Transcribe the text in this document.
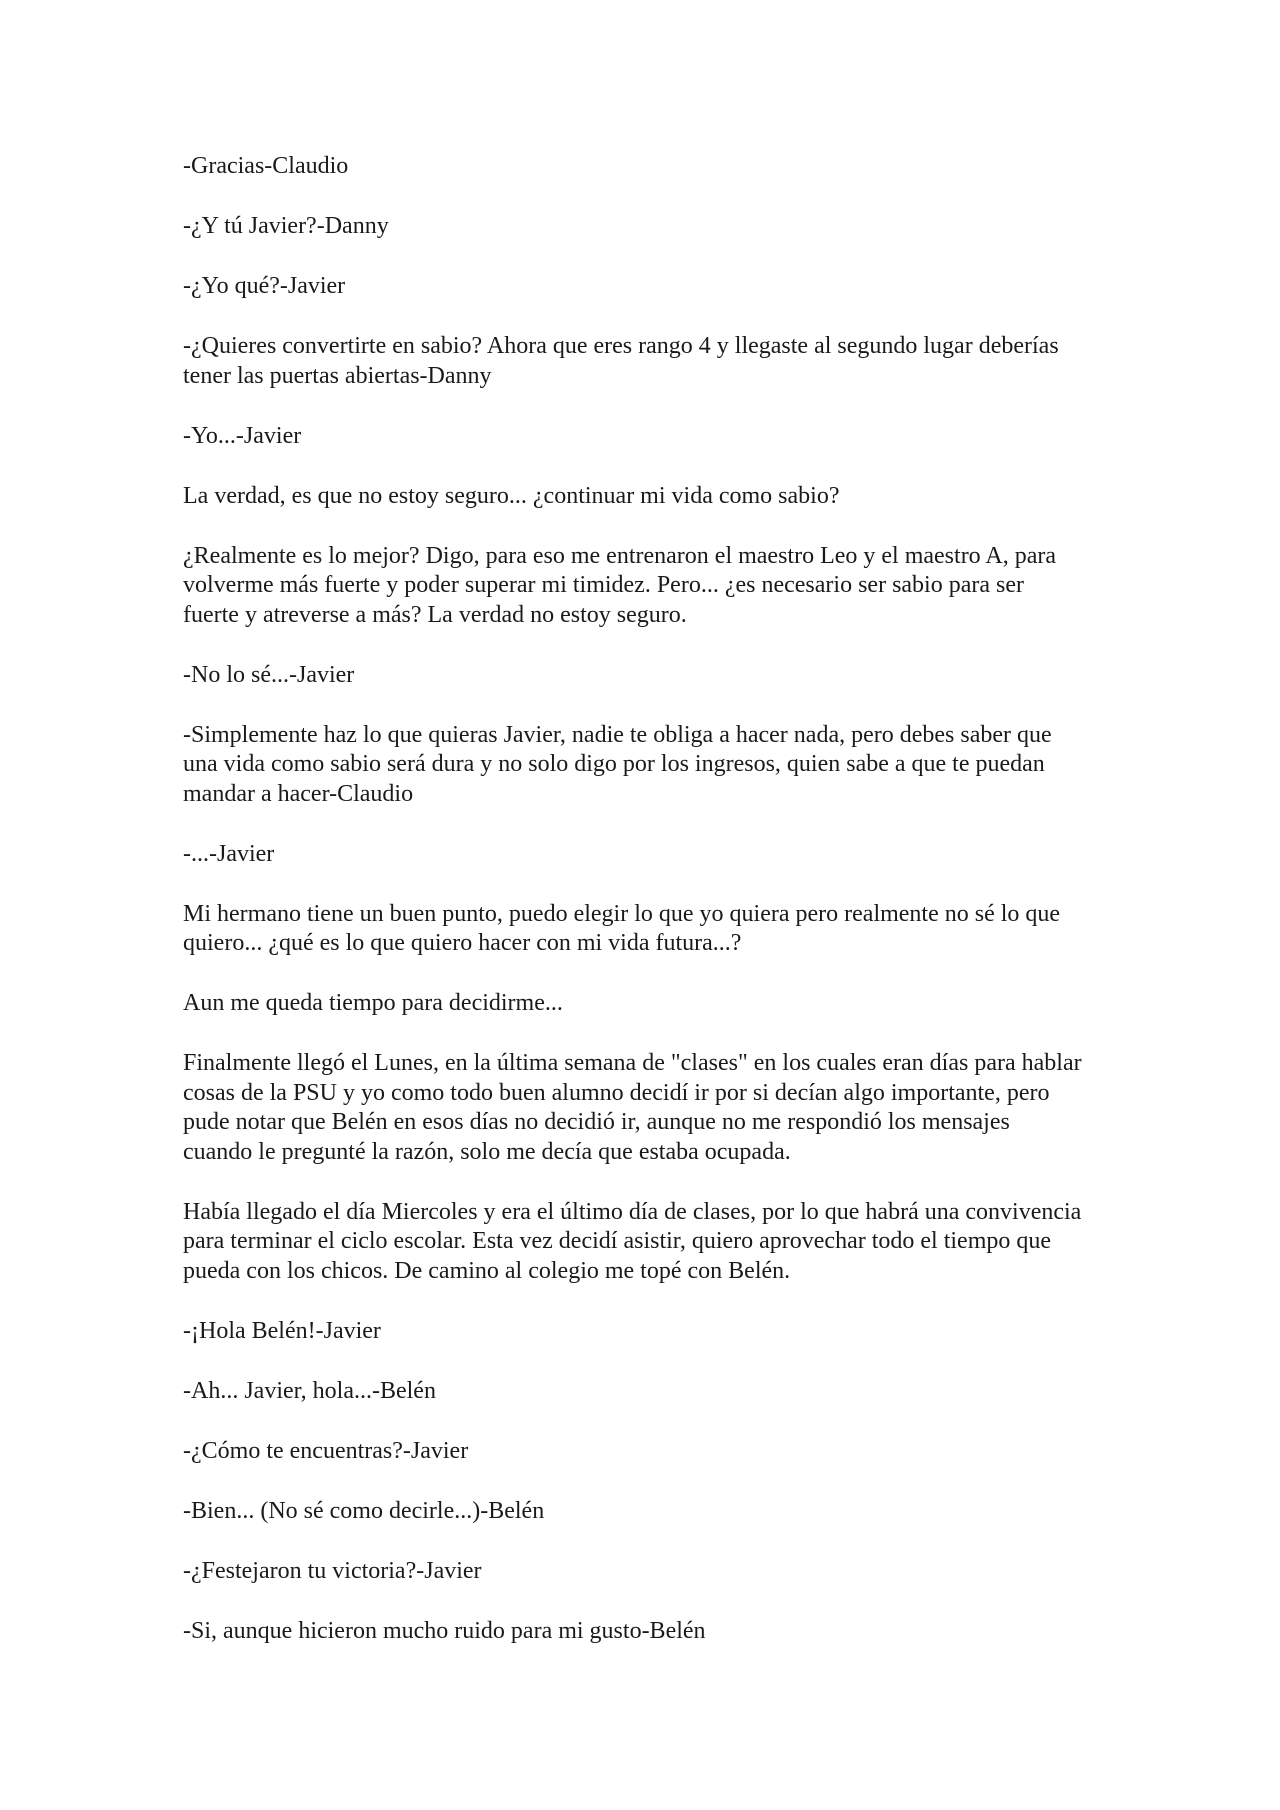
-Gracias-Claudio

-¿Y tú Javier?-Danny

-¿Yo qué?-Javier

-¿Quieres convertirte en sabio? Ahora que eres rango 4 y llegaste al segundo lugar deberías tener las puertas abiertas-Danny

-Yo...-Javier

La verdad, es que no estoy seguro... ¿continuar mi vida como sabio?

¿Realmente es lo mejor? Digo, para eso me entrenaron el maestro Leo y el maestro A, para volverme más fuerte y poder superar mi timidez. Pero... ¿es necesario ser sabio para ser fuerte y atreverse a más? La verdad no estoy seguro.

-No lo sé...-Javier

-Simplemente haz lo que quieras Javier, nadie te obliga a hacer nada, pero debes saber que una vida como sabio será dura y no solo digo por los ingresos, quien sabe a que te puedan mandar a hacer-Claudio

-...-Javier

Mi hermano tiene un buen punto, puedo elegir lo que yo quiera pero realmente no sé lo que quiero... ¿qué es lo que quiero hacer con mi vida futura...?

Aun me queda tiempo para decidirme...

Finalmente llegó el Lunes, en la última semana de "clases" en los cuales eran días para hablar cosas de la PSU y yo como todo buen alumno decidí ir por si decían algo importante, pero pude notar que Belén en esos días no decidió ir, aunque no me respondió los mensajes cuando le pregunté la razón, solo me decía que estaba ocupada.

Había llegado el día Miercoles y era el último día de clases, por lo que habrá una convivencia para terminar el ciclo escolar. Esta vez decidí asistir, quiero aprovechar todo el tiempo que pueda con los chicos. De camino al colegio me topé con Belén.

-¡Hola Belén!-Javier

-Ah... Javier, hola...-Belén

-¿Cómo te encuentras?-Javier

-Bien... (No sé como decirle...)-Belén

-¿Festejaron tu victoria?-Javier

-Si, aunque hicieron mucho ruido para mi gusto-Belén
